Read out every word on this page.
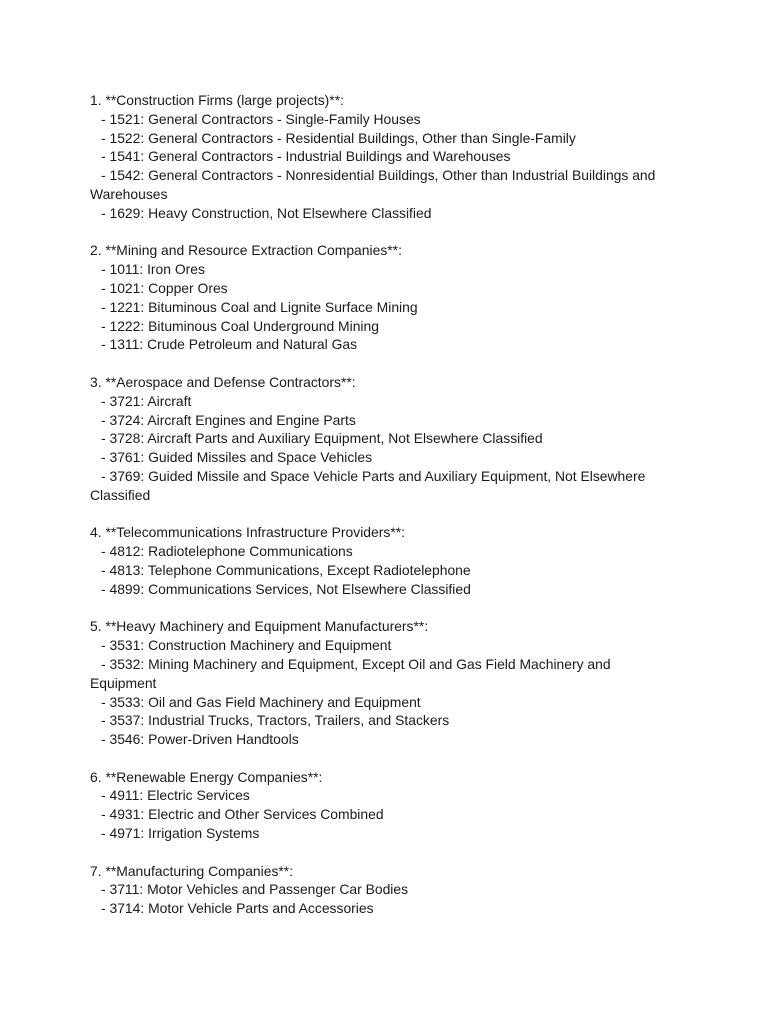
1. **Construction Firms (large projects)**:

- 1521: General Contractors - Single-Family Houses

- 1522: General Contractors - Residential Buildings, Other than Single-Family

- 1541: General Contractors - Industrial Buildings and Warehouses

- 1542: General Contractors - Nonresidential Buildings, Other than Industrial Buildings and Warehouses

- 1629: Heavy Construction, Not Elsewhere Classified

2. **Mining and Resource Extraction Companies**:

- 1011: Iron Ores

- 1021: Copper Ores

- 1221: Bituminous Coal and Lignite Surface Mining

- 1222: Bituminous Coal Underground Mining

- 1311: Crude Petroleum and Natural Gas

3. **Aerospace and Defense Contractors**:

- 3721: Aircraft

- 3724: Aircraft Engines and Engine Parts

- 3728: Aircraft Parts and Auxiliary Equipment, Not Elsewhere Classified

- 3761: Guided Missiles and Space Vehicles

- 3769: Guided Missile and Space Vehicle Parts and Auxiliary Equipment, Not Elsewhere Classified

4. **Telecommunications Infrastructure Providers**:

- 4812: Radiotelephone Communications

- 4813: Telephone Communications, Except Radiotelephone

- 4899: Communications Services, Not Elsewhere Classified

5. **Heavy Machinery and Equipment Manufacturers**:

- 3531: Construction Machinery and Equipment

- 3532: Mining Machinery and Equipment, Except Oil and Gas Field Machinery and Equipment

- 3533: Oil and Gas Field Machinery and Equipment

- 3537: Industrial Trucks, Tractors, Trailers, and Stackers

- 3546: Power-Driven Handtools

6. **Renewable Energy Companies**:

- 4911: Electric Services

- 4931: Electric and Other Services Combined

- 4971: Irrigation Systems

7. **Manufacturing Companies**:

- 3711: Motor Vehicles and Passenger Car Bodies

- 3714: Motor Vehicle Parts and Accessories
